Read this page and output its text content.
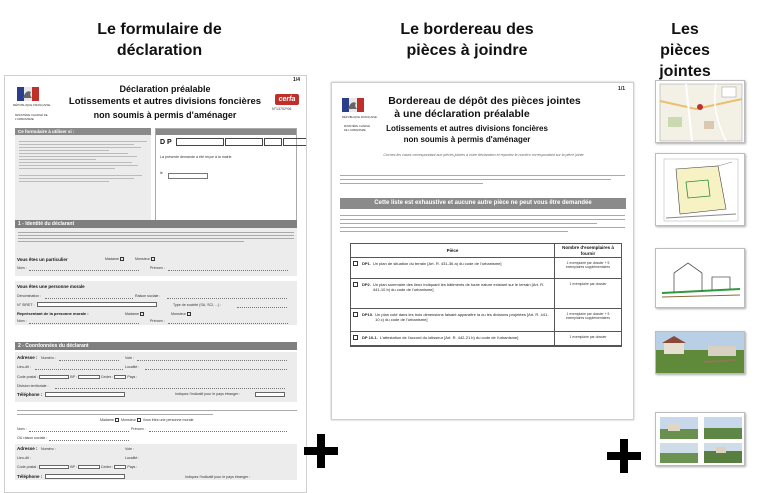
Le formulaire de déclaration
Le bordereau des pièces à joindre
Les pièces jointes
1/4
RÉPUBLIQUE FRANÇAISE
MINISTÈRE CHARGÉ DE L'URBANISME
Déclaration préalable
Lotissements et autres divisions foncières
non soumis à permis d'aménager
cerfa
N°13702*06
Ce formulaire à utiliser si :
D P
La présente demande a été reçue à la mairie
le
1 - Identité du déclarant
Vous êtes un particulier	Madame	Monsieur
Nom :	Prénom :
Vous êtes une personne morale
Dénomination :	Raison sociale :
N° SIRET :	Type de société (SA, SCI, ...) :
Représentant de la personne morale :	Madame	Monsieur
Nom :	Prénom :
2 - Coordonnées du déclarant
Adresse : Numéro :	Voie :
Lieu-dit :	Localité :
Code postal :	BP :	Cedex :	Pays :
Division territoriale :
Téléphone :	Indiquez l'indicatif pour le pays étranger :
Madame Monsieur Vous êtes une personne morale
Nom :	Prénom :
OU raison sociale :
Adresse : Numéro :	Voie :
Lieu-dit :	Localité :
Code postal :	BP :	Cedex :	Pays :
Téléphone :	Indiquez l'indicatif pour le pays étranger :
1/1
RÉPUBLIQUE FRANÇAISE
MINISTÈRE CHARGÉ DE L'URBANISME
Bordereau de dépôt des pièces jointes
à une déclaration préalable
Lotissements et autres divisions foncières
non soumis à permis d'aménager
Cochez les cases correspondant aux pièces jointes à votre déclaration et reportez le numéro correspondant sur la pièce jointe
Cette liste est exhaustive et aucune autre pièce ne peut vous être demandée
Pièce
Nombre d'exemplaires à fournir
DP1. Un plan de situation du terrain [Art. R. 431-36 a) du code de l'urbanisme]	1 exemplaire par dossier + 5 exemplaires supplémentaires
DP2. Un plan sommaire des lieux indiquant les bâtiments de toute nature existant sur le terrain [Art. R. 441-10 b) du code de l'urbanisme]
1 exemplaire par dossier
DP10. Un plan coté dans les trois dimensions faisant apparaître la ou les divisions projetées [Art. R. 441-10 c) du code de l'urbanisme]
1 exemplaire par dossier + 5 exemplaires supplémentaires
DP 10-1. L'attestation de l'accord du lotisseur [Art. R. 442-21 b) du code de l'urbanisme]	1 exemplaire par dossier
